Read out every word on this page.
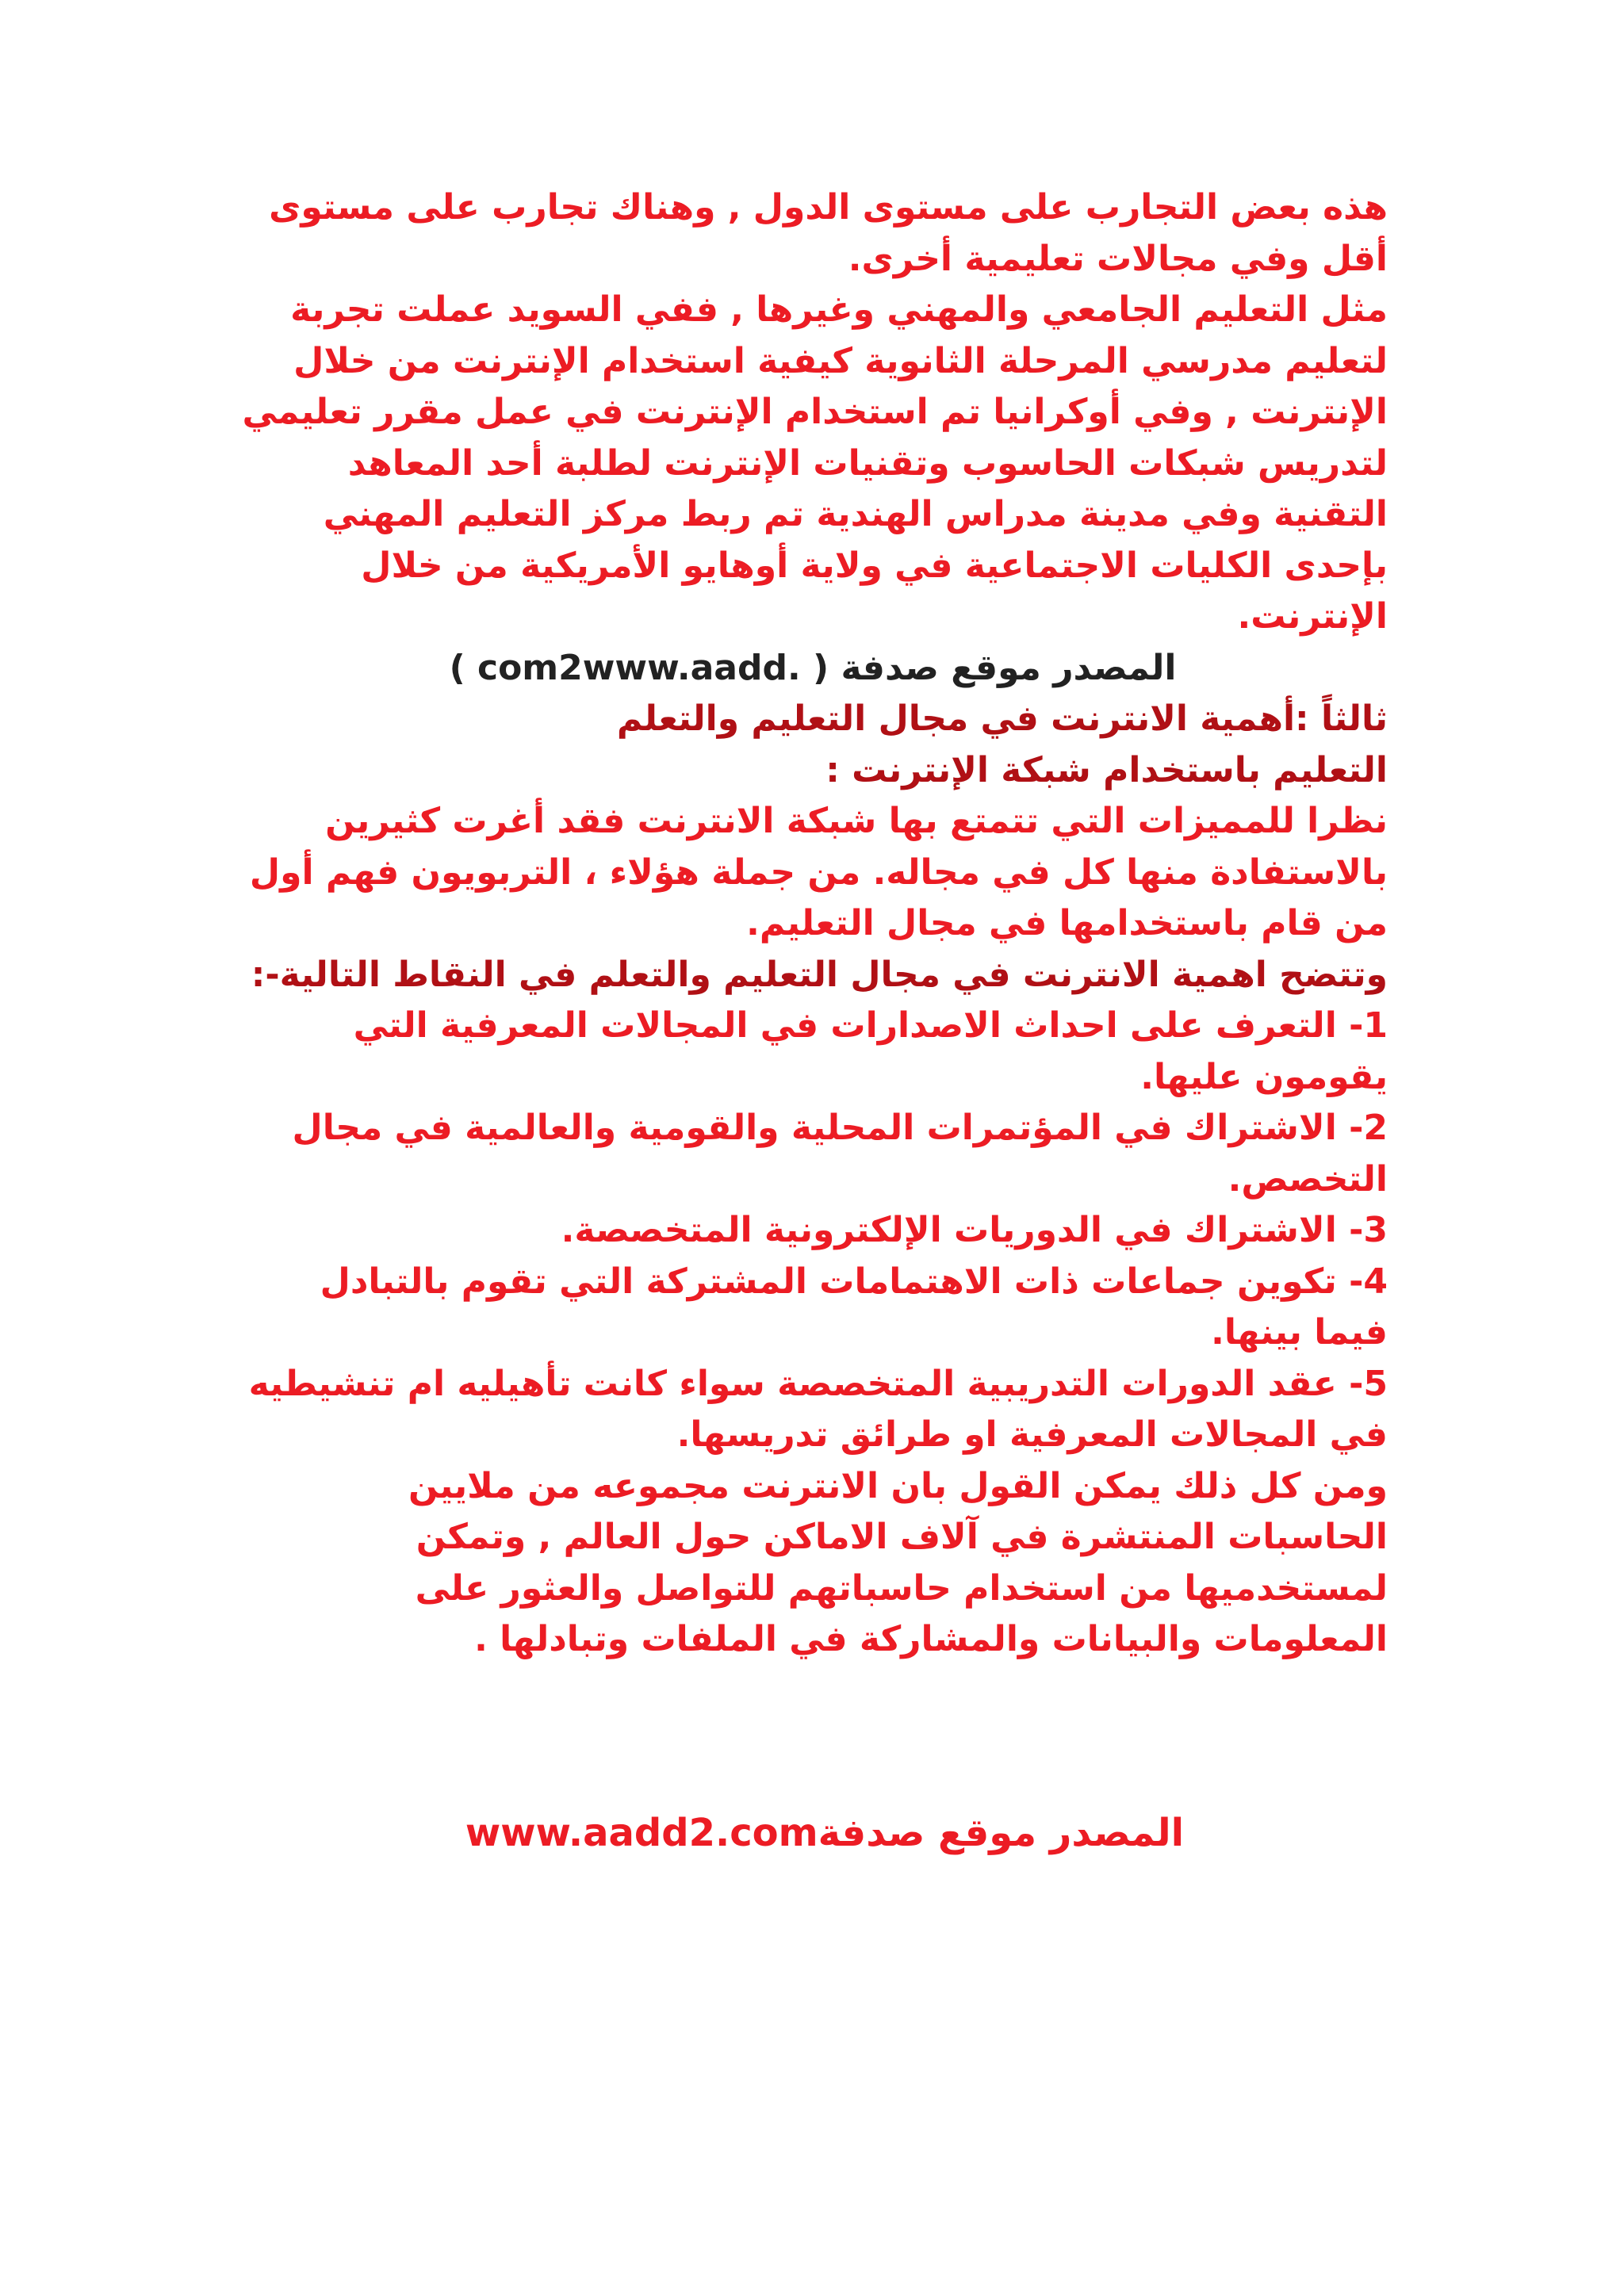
هذه بعض التجارب على مستوى الدول , وهناك تجارب على مستوى أقل وفي مجالات تعليمية أخرى.

مثل التعليم الجامعي والمهني وغيرها , ففي السويد عملت تجربة لتعليم مدرسي المرحلة الثانوية كيفية استخدام الإنترنت من خلال الإنترنت , وفي أوكرانيا تم استخدام الإنترنت في عمل مقرر تعليمي لتدريس شبكات الحاسوب وتقنيات الإنترنت لطلبة أحد المعاهد التقنية وفي مدينة مدراس الهندية تم ربط مركز التعليم المهني بإحدى الكليات الاجتماعية في ولاية أوهايو الأمريكية من خلال الإنترنت.

المصدر موقع صدفة ( .com2www.aadd )

ثالثاً :أهمية الانترنت في مجال التعليم والتعلم

التعليم باستخدام شبكة الإنترنت :

نظرا للمميزات التي تتمتع بها شبكة الانترنت فقد أغرت كثيرين بالاستفادة منها كل في مجاله. من جملة هؤلاء ، التربويون فهم أول من قام باستخدامها في مجال التعليم.

وتتضح اهمية الانترنت في مجال التعليم والتعلم في النقاط التالية-:

1- التعرف على احداث الاصدارات في المجالات المعرفية التي يقومون عليها.

2- الاشتراك في المؤتمرات المحلية والقومية والعالمية في مجال التخصص.

3- الاشتراك في الدوريات الإلكترونية المتخصصة.

4- تكوين جماعات ذات الاهتمامات المشتركة التي تقوم بالتبادل فيما بينها.

5- عقد الدورات التدريبية المتخصصة سواء كانت تأهيليه ام تنشيطيه في المجالات المعرفية او طرائق تدريسها.

ومن كل ذلك يمكن القول بان الانترنت مجموعه من ملايين الحاسبات المنتشرة في آلاف الاماكن حول العالم , وتمكن لمستخدميها من استخدام حاسباتهم للتواصل والعثور على المعلومات والبيانات والمشاركة في الملفات وتبادلها .

المصدر موقع صدفةwww.aadd2.com
